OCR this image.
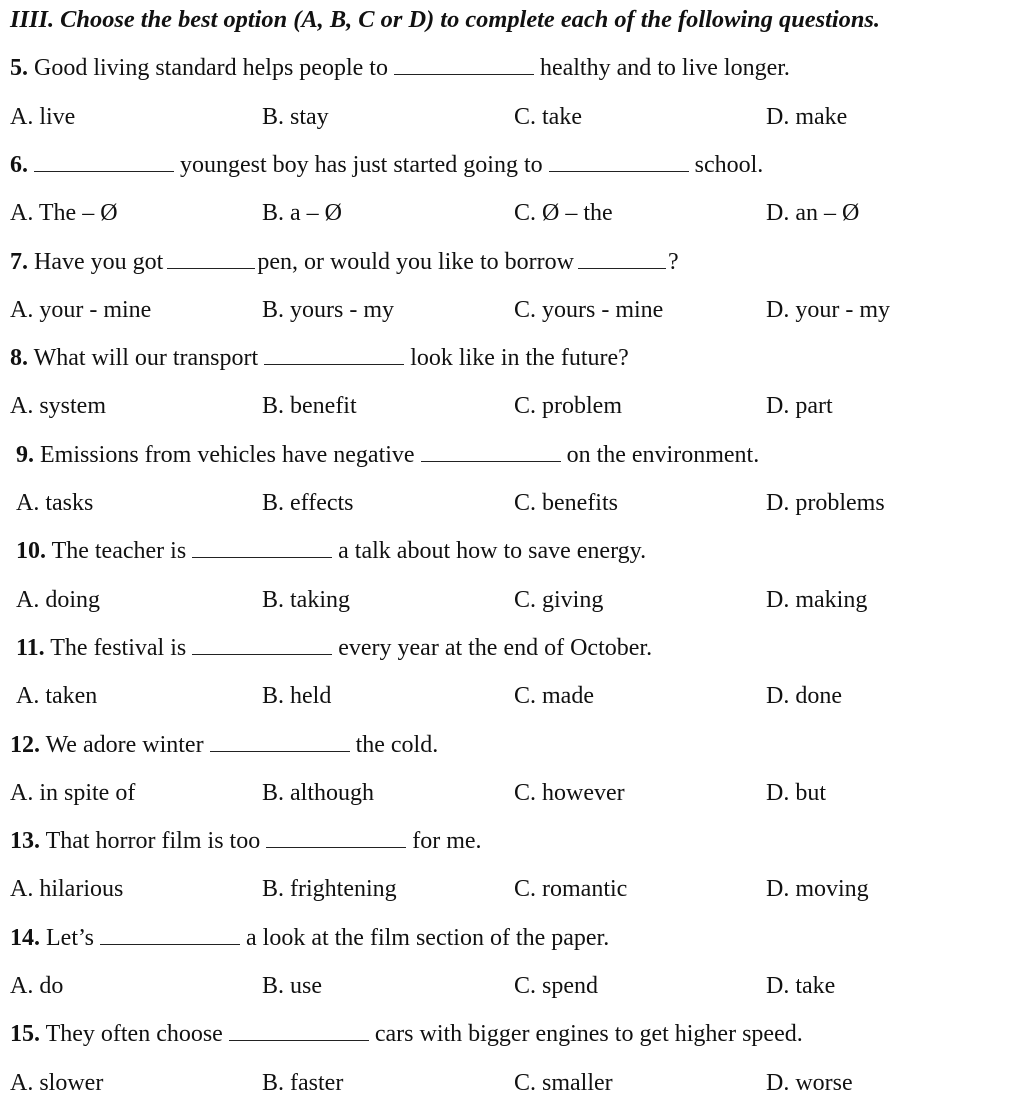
IIII. Choose the best option (A, B, C or D) to complete each of the following questions.
5. Good living standard helps people to	healthy and to live longer.
A. live	B. stay	C. take	D. make
6.	youngest boy has just started going to	school.
A. The – Ø	B. a – Ø	C. Ø – the	D. an – Ø
7. Have you got	pen, or would you like to borrow	?
A. your - mine	B. yours - my	C. yours - mine	D. your - my
8. What will our transport	look like in the future?
A. system	B. benefit	C. problem	D. part
9. Emissions from vehicles have negative	on the environment.
A. tasks	B. effects	C. benefits	D. problems
10. The teacher is	a talk about how to save energy.
A. doing	B. taking	C. giving	D. making
11. The festival is	every year at the end of October.
A. taken	B. held	C. made	D. done
12. We adore winter	the cold.
A. in spite of	B. although	C. however	D. but
13. That horror film is too	for me.
A. hilarious	B. frightening	C. romantic	D. moving
14. Let’s	a look at the film section of the paper.
A. do	B. use	C. spend	D. take
15. They often choose	cars with bigger engines to get higher speed.
A. slower	B. faster	C. smaller	D. worse
